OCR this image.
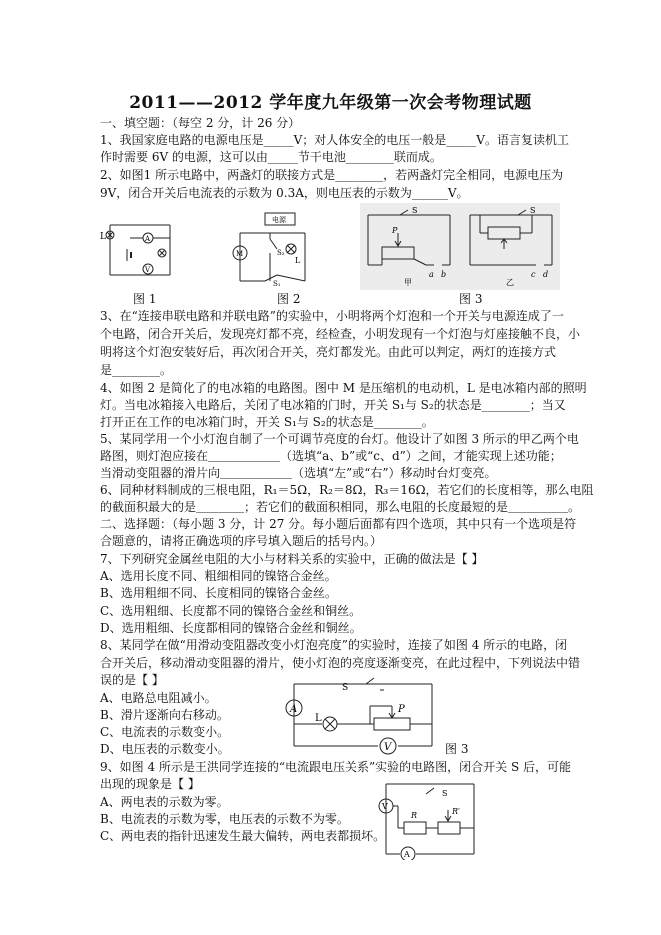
2011——2012 学年度九年级第一次会考物理试题
一、填空题：（每空 2 分，计 26 分）
1、我国家庭电路的电源电压是_____V；对人体安全的电压一般是_____V。语言复读机工
作时需要 6V 的电源，这可以由_____节干电池________联而成。
2、如图1 所示电路中，两盏灯的联接方式是________，若两盏灯完全相同，电源电压为
9V，闭合开关后电流表的示数为 0.3A，则电压表的示数为______V。
L	A
V
电源
M	S₂
L
S₁
S
P
a b
甲
S
c d
乙
图 1	图 2	图 3
3、在“连接串联电路和并联电路”的实验中，小明将两个灯泡和一个开关与电源连成了一
个电路，闭合开关后，发现亮灯都不亮，经检查，小明发现有一个灯泡与灯座接触不良，小
明将这个灯泡安装好后，再次闭合开关，亮灯都发光。由此可以判定，两灯的连接方式
是________。
4、如图 2 是简化了的电冰箱的电路图。图中 M 是压缩机的电动机，L 是电冰箱内部的照明
灯。当电冰箱接入电路后，关闭了电冰箱的门时，开关 S₁与 S₂的状态是________；当又
打开正在工作的电冰箱门时，开关 S₁与 S₂的状态是________。
5、某同学用一个小灯泡自制了一个可调节亮度的台灯。他设计了如图 3 所示的甲乙两个电
路图，则灯泡应接在＿＿＿＿＿＿（选填“a、b”或“c、d”）之间，才能实现上述功能；
当滑动变阻器的滑片向＿＿＿＿＿＿（选填“左”或“右”）移动时台灯变亮。
6、同种材料制成的三根电阻，R₁＝5Ω，R₂＝8Ω，R₃＝16Ω，若它们的长度相等，那么电阻
的截面积最大的是＿＿＿＿；若它们的截面积相同，那么电阻的长度最短的是＿＿＿＿＿。
二、选择题：（每小题 3 分，计 27 分。每小题后面都有四个选项，其中只有一个选项是符
合题意的，请将正确选项的序号填入题后的括号内。）
7、下列研究金属丝电阻的大小与材料关系的实验中，正确的做法是【 】
A、选用长度不同、粗细相同的镍铬合金丝。
B、选用粗细不同、长度相同的镍铬合金丝。
C、选用粗细、长度都不同的镍铬合金丝和铜丝。
D、选用粗细、长度都相同的镍铬合金丝和铜丝。
8、某同学在做“用滑动变阻器改变小灯泡亮度”的实验时，连接了如图 4 所示的电路，闭
合开关后，移动滑动变阻器的滑片，使小灯泡的亮度逐渐变亮，在此过程中，下列说法中错
误的是【 】
A、电路总电阻减小。
B、滑片逐渐向右移动。
C、电流表的示数变小。
D、电压表的示数变小。
S
A
L
P
V	图 3
9、如图 4 所示是王洪同学连接的“电流跟电压关系”实验的电路图，闭合开关 S 后，可能
出现的现象是【 】
A、两电表的示数为零。
B、电流表的示数为零，电压表的示数不为零。
C、两电表的指针迅速发生最大偏转，两电表都损坏。
V
S
R	R′
A
